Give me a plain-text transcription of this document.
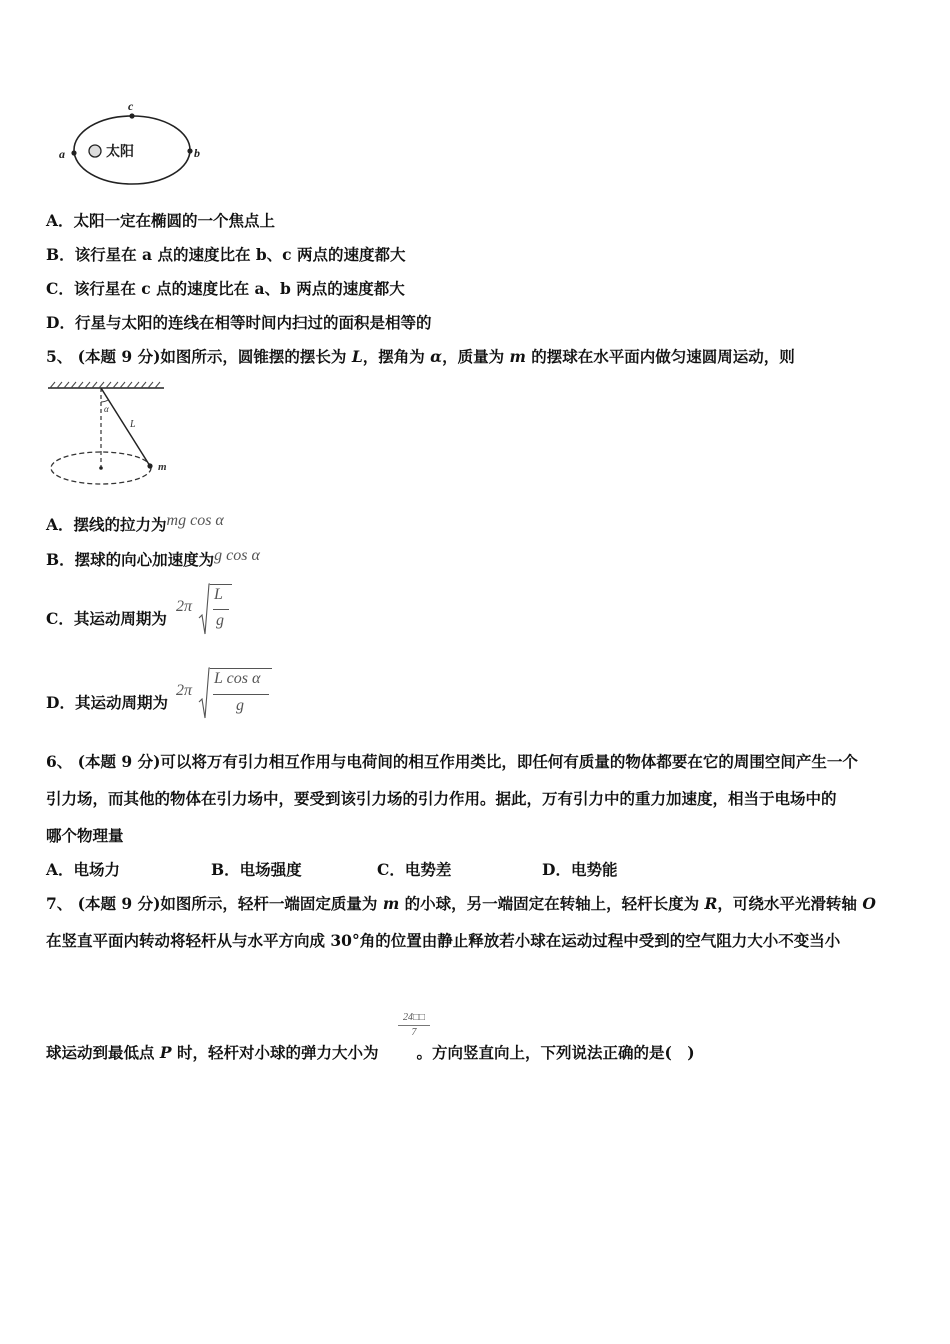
太阳
a	b
c
A．太阳一定在椭圆的一个焦点上
B．该行星在 a 点的速度比在 b、c 两点的速度都大
C．该行星在 c 点的速度比在 a、b 两点的速度都大
D．行星与太阳的连线在相等时间内扫过的面积是相等的
5、 (本题 9 分)如图所示，圆锥摆的摆长为 L，摆角为 α，质量为 m 的摆球在水平面内做匀速圆周运动，则
α
L
m
A．摆线的拉力为mg cos α
B．摆球的向心加速度为g cos α
C．其运动周期为
2π
L
g
D．其运动周期为
2π
L cos α
g
6、 (本题 9 分)可以将万有引力相互作用与电荷间的相互作用类比，即任何有质量的物体都要在它的周围空间产生一个
引力场，而其他的物体在引力场中，要受到该引力场的引力作用。据此，万有引力中的重力加速度，相当于电场中的
哪个物理量
A．电场力	B．电场强度	C．电势差	D．电势能
7、 (本题 9 分)如图所示，轻杆一端固定质量为 m 的小球，另一端固定在转轴上，轻杆长度为 R，可绕水平光滑转轴 O
在竖直平面内转动将轻杆从与水平方向成 30°角的位置由静止释放若小球在运动过程中受到的空气阻力大小不变当小
24□□
7
球运动到最低点 P 时，轻杆对小球的弹力大小为 。方向竖直向上，下列说法正确的是(　)
